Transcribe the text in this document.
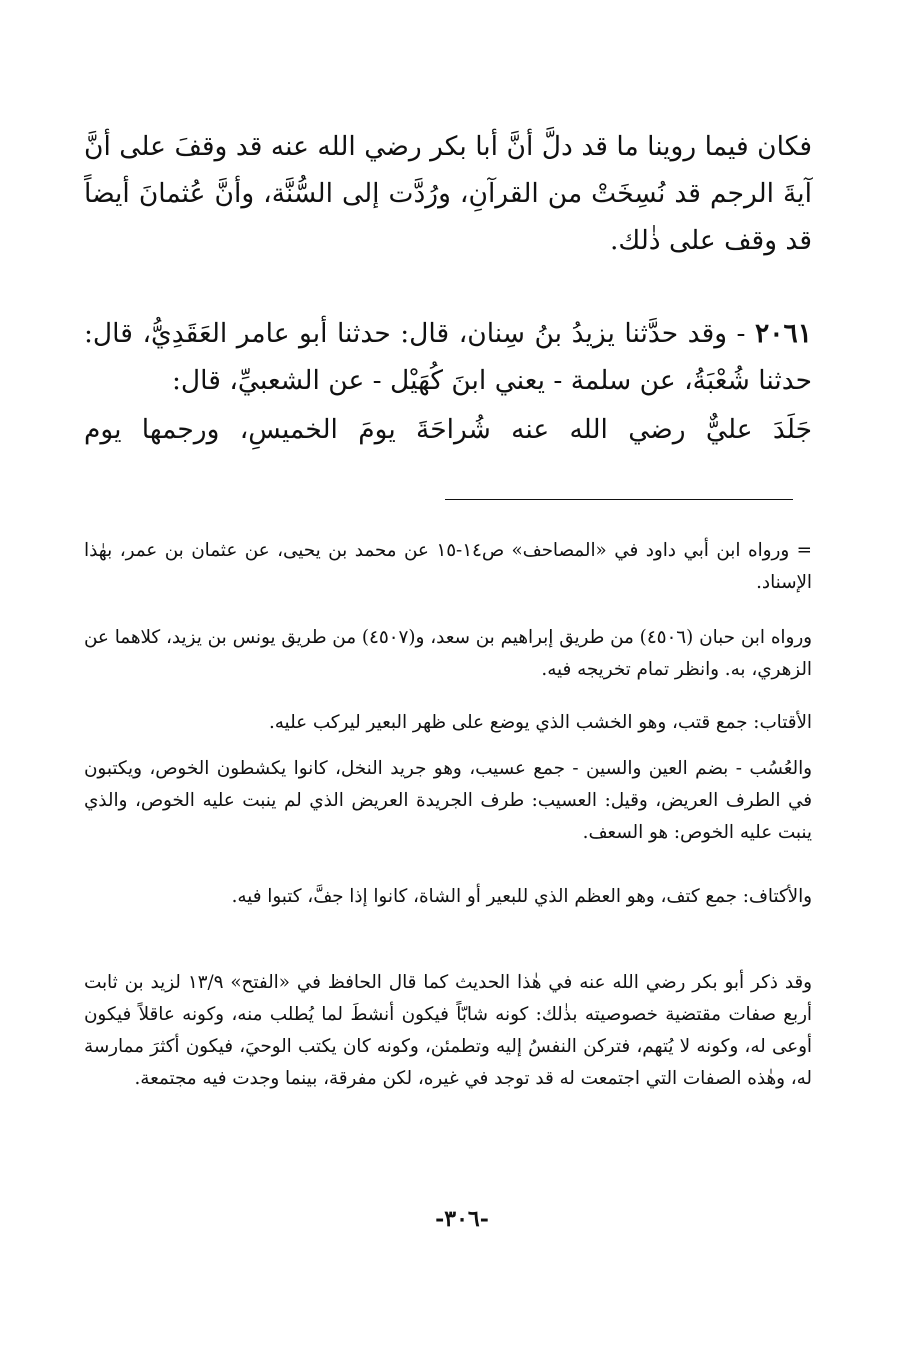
فكان فيما روينا ما قد دلَّ أنَّ أبا بكر رضي الله عنه قد وقفَ على أنَّ آيةَ الرجم قد نُسِخَتْ من القرآنِ، ورُدَّت إلى السُّنَّة، وأنَّ عُثمانَ أيضاً قد وقف على ذٰلك.

٢٠٦١ - وقد حدَّثنا يزيدُ بنُ سِنان، قال: حدثنا أبو عامر العَقَدِيُّ، قال: حدثنا شُعْبَةُ، عن سلمة - يعني ابنَ كُهَيْل - عن الشعبيِّ، قال:

جَلَدَ عليٌّ رضي الله عنه شُراحَةَ يومَ الخميسِ، ورجمها يوم

= ورواه ابن أبي داود في «المصاحف» ص١٤-١٥ عن محمد بن يحيى، عن عثمان بن عمر، بهٰذا الإسناد.

ورواه ابن حبان (٤٥٠٦) من طريق إبراهيم بن سعد، و(٤٥٠٧) من طريق يونس بن يزيد، كلاهما عن الزهري، به. وانظر تمام تخريجه فيه.

الأقتاب: جمع قتب، وهو الخشب الذي يوضع على ظهر البعير ليركب عليه.

والعُسُب - بضم العين والسين - جمع عسيب، وهو جريد النخل، كانوا يكشطون الخوص، ويكتبون في الطرف العريض، وقيل: العسيب: طرف الجريدة العريض الذي لم ينبت عليه الخوص، والذي ينبت عليه الخوص: هو السعف.

والأكتاف: جمع كتف، وهو العظم الذي للبعير أو الشاة، كانوا إذا جفَّ، كتبوا فيه.

وقد ذكر أبو بكر رضي الله عنه في هٰذا الحديث كما قال الحافظ في «الفتح» ١٣/٩ لزيد بن ثابت أربع صفات مقتضية خصوصيته بذٰلك: كونه شابّاً فيكون أنشطَ لما يُطلب منه، وكونه عاقلاً فيكون أوعى له، وكونه لا يُتهم، فتركن النفسُ إليه وتطمئن، وكونه كان يكتب الوحيَ، فيكون أكثرَ ممارسة له، وهٰذه الصفات التي اجتمعت له قد توجد في غيره، لكن مفرقة، بينما وجدت فيه مجتمعة.

-٣٠٦-
